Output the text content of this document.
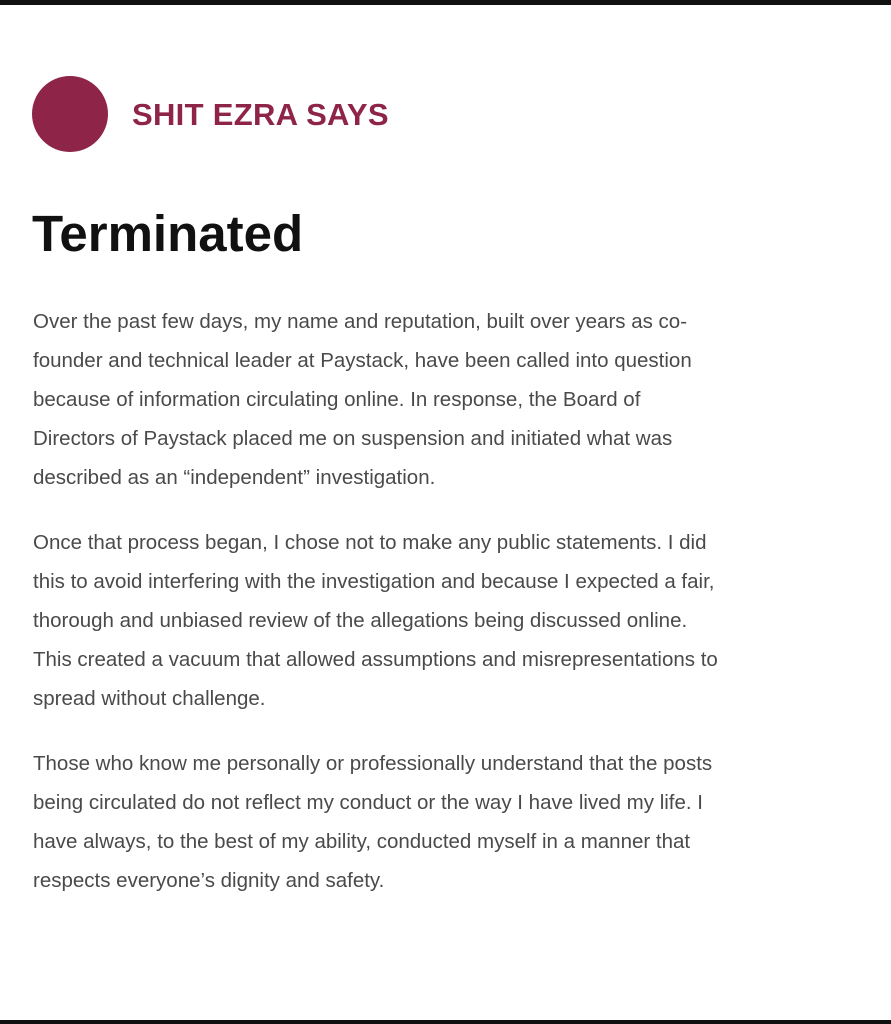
SHIT EZRA SAYS
Terminated

Over the past few days, my name and reputation, built over years as co-
founder and technical leader at Paystack, have been called into question
because of information circulating online. In response, the Board of
Directors of Paystack placed me on suspension and initiated what was
described as an “independent” investigation.

Once that process began, I chose not to make any public statements. I did
this to avoid interfering with the investigation and because I expected a fair,
thorough and unbiased review of the allegations being discussed online.
This created a vacuum that allowed assumptions and misrepresentations to
spread without challenge.

Those who know me personally or professionally understand that the posts
being circulated do not reflect my conduct or the way I have lived my life. I
have always, to the best of my ability, conducted myself in a manner that
respects everyone’s dignity and safety.
